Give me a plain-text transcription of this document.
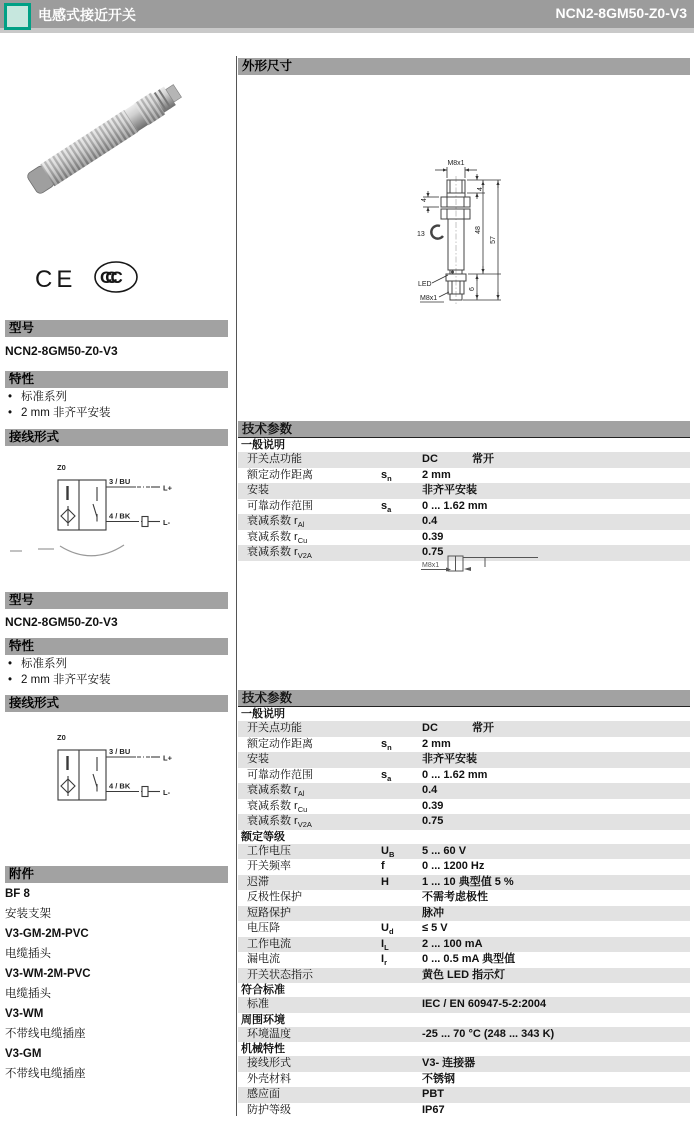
电感式接近开关	NCN2-8GM50-Z0-V3
CE CCC
型号
NCN2-8GM50-Z0-V3
特性
• 标准系列
• 2 mm 非齐平安装
接线形式
Z0
3 / BU
L+
4 / BK
L-
型号
NCN2-8GM50-Z0-V3
特性
• 标准系列
• 2 mm 非齐平安装
接线形式
Z0
3 / BU
L+
4 / BK
L-
附件
BF 8
安装支架
V3-GM-2M-PVC
电缆插头
V3-WM-2M-PVC
电缆插头
V3-WM
不带线电缆插座
V3-GM
不带线电缆插座
外形尺寸
M8x1
4
4
13
48
57
6
LED
M8x1
技术参数
一般说明
开关点功能	DC	常开
额定动作距离	$s_n$	2 mm
安装	非齐平安装
可靠动作范围	$s_a$	0 ... 1.62 mm
衰减系数 $r_{Al}$	0.4
衰减系数 $r_{Cu}$	0.39
衰减系数 $r_{V2A}$	0.75
M8x1
技术参数
一般说明
开关点功能	DC	常开
额定动作距离	$s_n$	2 mm
安装	非齐平安装
可靠动作范围	$s_a$	0 ... 1.62 mm
衰减系数 $r_{Al}$	0.4
衰减系数 $r_{Cu}$	0.39
衰减系数 $r_{V2A}$	0.75
额定等级
工作电压	$U_B$	5 ... 60 V
开关频率	f	0 ... 1200 Hz
迟滞	H	1 ... 10 典型值 5 %
反极性保护	不需考虑极性
短路保护	脉冲
电压降	$U_d$	≤ 5 V
工作电流	$I_L$	2 ... 100 mA
漏电流	$I_r$	0 ... 0.5 mA 典型值
开关状态指示	黄色 LED 指示灯
符合标准
标准	IEC / EN 60947-5-2:2004
周围环境
环境温度	-25 ... 70 °C (248 ... 343 K)
机械特性
接线形式	V3- 连接器
外壳材料	不锈钢
感应面	PBT
防护等级	IP67
